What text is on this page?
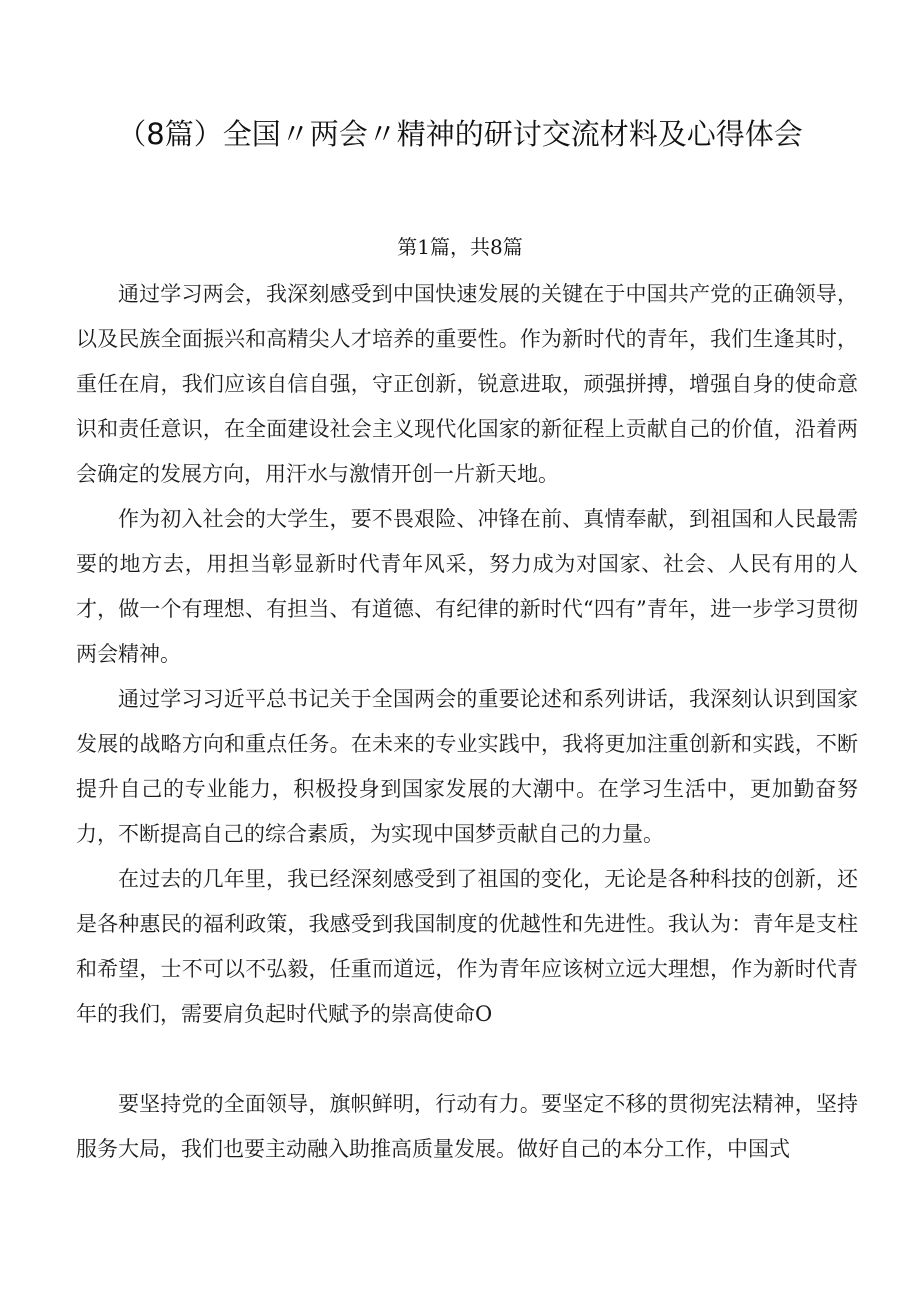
（8篇）全国〃两会〃精神的研讨交流材料及心得体会
第1篇，共8篇

通过学习两会，我深刻感受到中国快速发展的关键在于中国共产党的正确领导，以及民族全面振兴和高精尖人才培养的重要性。作为新时代的青年，我们生逢其时，重任在肩，我们应该自信自强，守正创新，锐意进取，顽强拼搏，增强自身的使命意识和责任意识，在全面建设社会主义现代化国家的新征程上贡献自己的价值，沿着两会确定的发展方向，用汗水与激情开创一片新天地。

作为初入社会的大学生，要不畏艰险、冲锋在前、真情奉献，到祖国和人民最需要的地方去，用担当彰显新时代青年风采，努力成为对国家、社会、人民有用的人才，做一个有理想、有担当、有道德、有纪律的新时代“四有”青年，进一步学习贯彻两会精神。

通过学习习近平总书记关于全国两会的重要论述和系列讲话，我深刻认识到国家发展的战略方向和重点任务。在未来的专业实践中，我将更加注重创新和实践，不断提升自己的专业能力，积极投身到国家发展的大潮中。在学习生活中，更加勤奋努力，不断提高自己的综合素质，为实现中国梦贡献自己的力量。

在过去的几年里，我已经深刻感受到了祖国的变化，无论是各种科技的创新，还是各种惠民的福利政策，我感受到我国制度的优越性和先进性。我认为：青年是支柱和希望，士不可以不弘毅，任重而道远，作为青年应该树立远大理想，作为新时代青年的我们，需要肩负起时代赋予的崇高使命O

要坚持党的全面领导，旗帜鲜明，行动有力。要坚定不移的贯彻宪法精神，坚持服务大局，我们也要主动融入助推高质量发展。做好自己的本分工作，中国式
